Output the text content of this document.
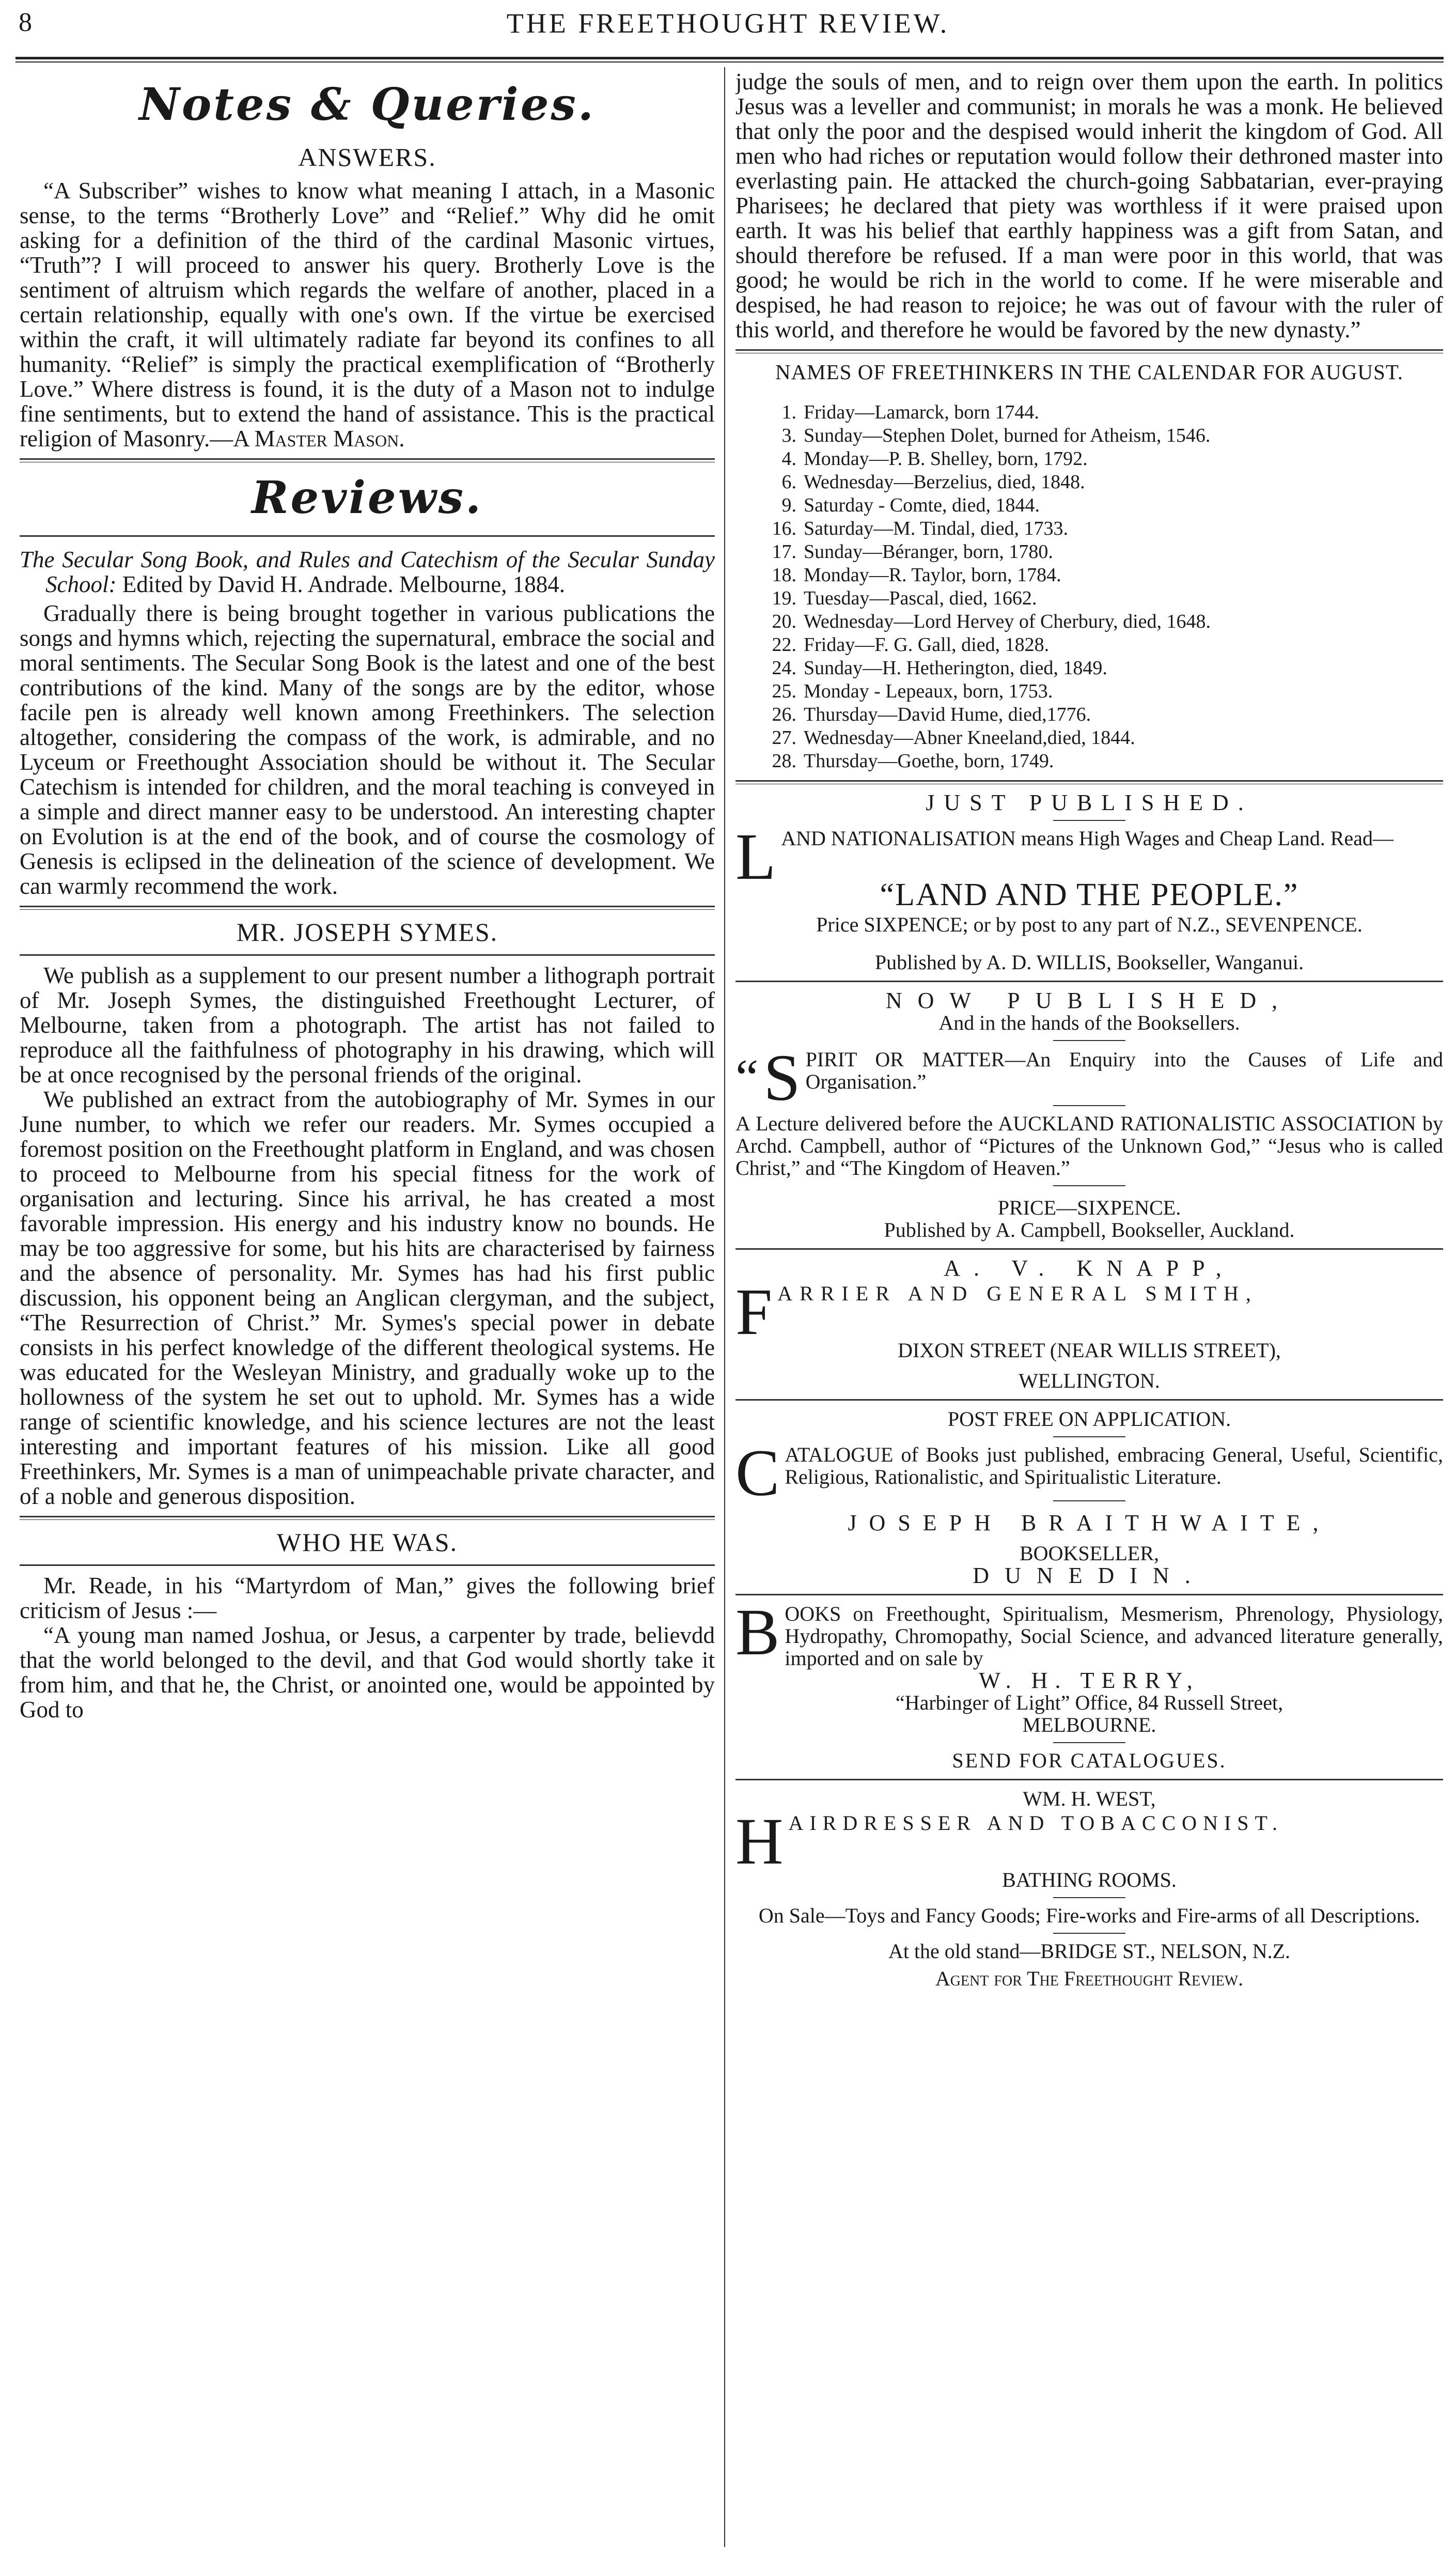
8	THE FREETHOUGHT REVIEW.
Notes & Queries.
ANSWERS.

“A Subscriber” wishes to know what meaning I attach, in a Masonic sense, to the terms “Brotherly Love” and “Relief.” Why did he omit asking for a definition of the third of the cardinal Masonic virtues, “Truth”? I will proceed to answer his query. Brotherly Love is the sentiment of altruism which regards the welfare of another, placed in a certain relationship, equally with one's own. If the virtue be exercised within the craft, it will ultimately radiate far beyond its confines to all humanity. “Relief” is simply the practical exemplification of “Brotherly Love.” Where distress is found, it is the duty of a Mason not to indulge fine sentiments, but to extend the hand of assistance. This is the practical religion of Masonry.—A Master Mason.

Reviews.
The Secular Song Book, and Rules and Catechism of the Secular Sunday School: Edited by David H. Andrade. Melbourne, 1884.

Gradually there is being brought together in various publications the songs and hymns which, rejecting the supernatural, embrace the social and moral sentiments. The Secular Song Book is the latest and one of the best contributions of the kind. Many of the songs are by the editor, whose facile pen is already well known among Freethinkers. The selection altogether, considering the compass of the work, is admirable, and no Lyceum or Freethought Association should be without it. The Secular Catechism is intended for children, and the moral teaching is conveyed in a simple and direct manner easy to be understood. An interesting chapter on Evolution is at the end of the book, and of course the cosmology of Genesis is eclipsed in the delineation of the science of development. We can warmly recommend the work.

MR. JOSEPH SYMES.

We publish as a supplement to our present number a lithograph portrait of Mr. Joseph Symes, the distinguished Freethought Lecturer, of Melbourne, taken from a photograph. The artist has not failed to reproduce all the faithfulness of photography in his drawing, which will be at once recognised by the personal friends of the original.

We published an extract from the autobiography of Mr. Symes in our June number, to which we refer our readers. Mr. Symes occupied a foremost position on the Freethought platform in England, and was chosen to proceed to Melbourne from his special fitness for the work of organisation and lecturing. Since his arrival, he has created a most favorable impression. His energy and his industry know no bounds. He may be too aggressive for some, but his hits are characterised by fairness and the absence of personality. Mr. Symes has had his first public discussion, his opponent being an Anglican clergyman, and the subject, “The Resurrection of Christ.” Mr. Symes's special power in debate consists in his perfect knowledge of the different theological systems. He was educated for the Wesleyan Ministry, and gradually woke up to the hollowness of the system he set out to uphold. Mr. Symes has a wide range of scientific knowledge, and his science lectures are not the least interesting and important features of his mission. Like all good Freethinkers, Mr. Symes is a man of unimpeachable private character, and of a noble and generous disposition.

WHO HE WAS.

Mr. Reade, in his “Martyrdom of Man,” gives the following brief criticism of Jesus :—

“A young man named Joshua, or Jesus, a carpenter by trade, believdd that the world belonged to the devil, and that God would shortly take it from him, and that he, the Christ, or anointed one, would be appointed by God to

judge the souls of men, and to reign over them upon the earth. In politics Jesus was a leveller and communist; in morals he was a monk. He believed that only the poor and the despised would inherit the kingdom of God. All men who had riches or reputation would follow their dethroned master into everlasting pain. He attacked the church-going Sabbatarian, ever-praying Pharisees; he declared that piety was worthless if it were praised upon earth. It was his belief that earthly happiness was a gift from Satan, and should therefore be refused. If a man were poor in this world, that was good; he would be rich in the world to come. If he were miserable and despised, he had reason to rejoice; he was out of favour with the ruler of this world, and therefore he would be favored by the new dynasty.”

NAMES OF FREETHINKERS IN THE CALENDAR FOR AUGUST.
1. Friday—Lamarck, born 1744.
3. Sunday—Stephen Dolet, burned for Atheism, 1546.
4. Monday—P. B. Shelley, born, 1792.
6. Wednesday—Berzelius, died, 1848.
9. Saturday - Comte, died, 1844.
16. Saturday—M. Tindal, died, 1733.
17. Sunday—Béranger, born, 1780.
18. Monday—R. Taylor, born, 1784.
19. Tuesday—Pascal, died, 1662.
20. Wednesday—Lord Hervey of Cherbury, died, 1648.
22. Friday—F. G. Gall, died, 1828.
24. Sunday—H. Hetherington, died, 1849.
25. Monday - Lepeaux, born, 1753.
26. Thursday—David Hume, died,1776.
27. Wednesday—Abner Kneeland,died, 1844.
28. Thursday—Goethe, born, 1749.
JUST PUBLISHED.

LAND NATIONALISATION means High Wages and Cheap Land. Read—

“LAND AND THE PEOPLE.”

Price SIXPENCE; or by post to any part of N.Z., SEVENPENCE.

Published by A. D. WILLIS, Bookseller, Wanganui.

NOW PUBLISHED,

And in the hands of the Booksellers.

“ S PIRIT OR MATTER—An Enquiry into the Causes of Life and Organisation.”

A Lecture delivered before the AUCKLAND RATIONALISTIC ASSOCIATION by Archd. Campbell, author of “Pictures of the Unknown God,” “Jesus who is called Christ,” and “The Kingdom of Heaven.”

PRICE—SIXPENCE.

Published by A. Campbell, Bookseller, Auckland.

A. V. KNAPP,

FARRIER AND GENERAL SMITH,

DIXON STREET (NEAR WILLIS STREET),

WELLINGTON.

POST FREE ON APPLICATION.

CATALOGUE of Books just published, embracing General, Useful, Scientific, Religious, Rationalistic, and Spiritualistic Literature.

JOSEPH BRAITHWAITE,

BOOKSELLER,

DUNEDIN.

BOOKS on Freethought, Spiritualism, Mesmerism, Phrenology, Physiology, Hydropathy, Chromopathy, Social Science, and advanced literature generally, imported and on sale by

W. H. TERRY,

“Harbinger of Light” Office, 84 Russell Street,

MELBOURNE.

SEND FOR CATALOGUES.

WM. H. WEST,

HAIRDRESSER AND TOBACCONIST.

BATHING ROOMS.

On Sale—Toys and Fancy Goods; Fire-works and Fire-arms of all Descriptions.

At the old stand—BRIDGE ST., NELSON, N.Z.

Agent for The Freethought Review.
